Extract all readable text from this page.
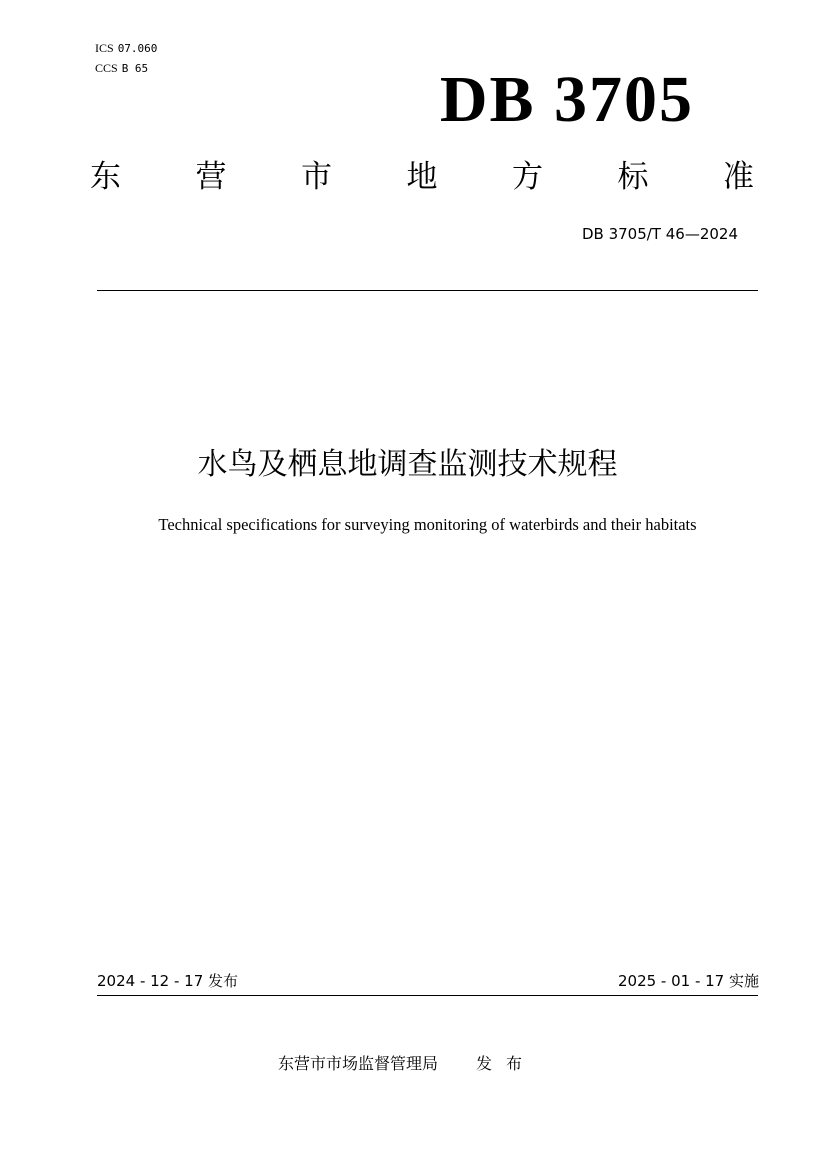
ICS 07.060
CCS B 65	DB 3705
东 营 市 地 方 标 准
DB 3705/T 46—2024
水鸟及栖息地调查监测技术规程
Technical specifications for surveying monitoring of waterbirds and their habitats
2024 - 12 - 17 发布	2025 - 01 - 17 实施
东营市市场监督管理局 发布
